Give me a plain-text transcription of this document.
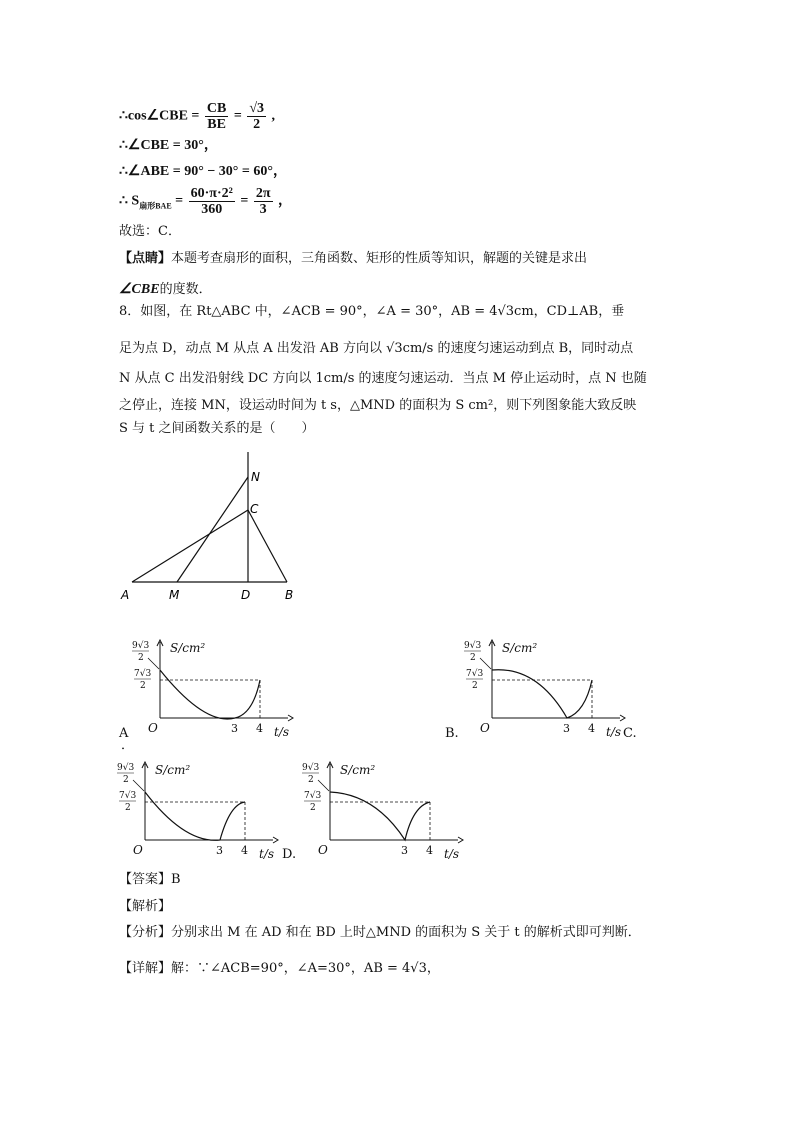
∴cos∠CBE = $\frac{CB}{BE} = \frac{√3}{2}$ ,
∴∠CBE = 30°，
∴∠ABE = 90° − 30° = 60°，
∴ $S_{扇形BAE} = \frac{\text{60·π·2²}}{360} = \frac{2\pi}{3}$ ，
故选：C．
【点睛】本题考查扇形的面积，三角函数、矩形的性质等知识，解题的关键是求出
∠CBE的度数．
8．如图，在 Rt△ABC 中，∠ACB = 90°，∠A = 30°，AB = 4√3cm，CD⊥AB，垂
足为点 D，动点 M 从点 A 出发沿 AB 方向以 √3cm/s 的速度匀速运动到点 B，同时动点
N 从点 C 出发沿射线 DC 方向以 1cm/s 的速度匀速运动．当点 M 停止运动时，点 N 也随
之停止，连接 MN，设运动时间为 t s，△MND 的面积为 S cm²，则下列图象能大致反映
S 与 t 之间函数关系的是（　　）
N
C
A	M	D	B
9√3
2
7√3
2
S/cm²
O	3 4 t/s
9√3
2
7√3
2
S/cm²
O	3 4 t/s
9√3
2
7√3
2
S/cm²
O	3 4 t/s
9√3
2
7√3
2
S/cm²
O	3 4 t/s
A
．
B.	C.
D.
【答案】B
【解析】
【分析】分别求出 M 在 AD 和在 BD 上时△MND 的面积为 S 关于 t 的解析式即可判断．
【详解】解：∵∠ACB=90°，∠A=30°，AB = 4√3，
